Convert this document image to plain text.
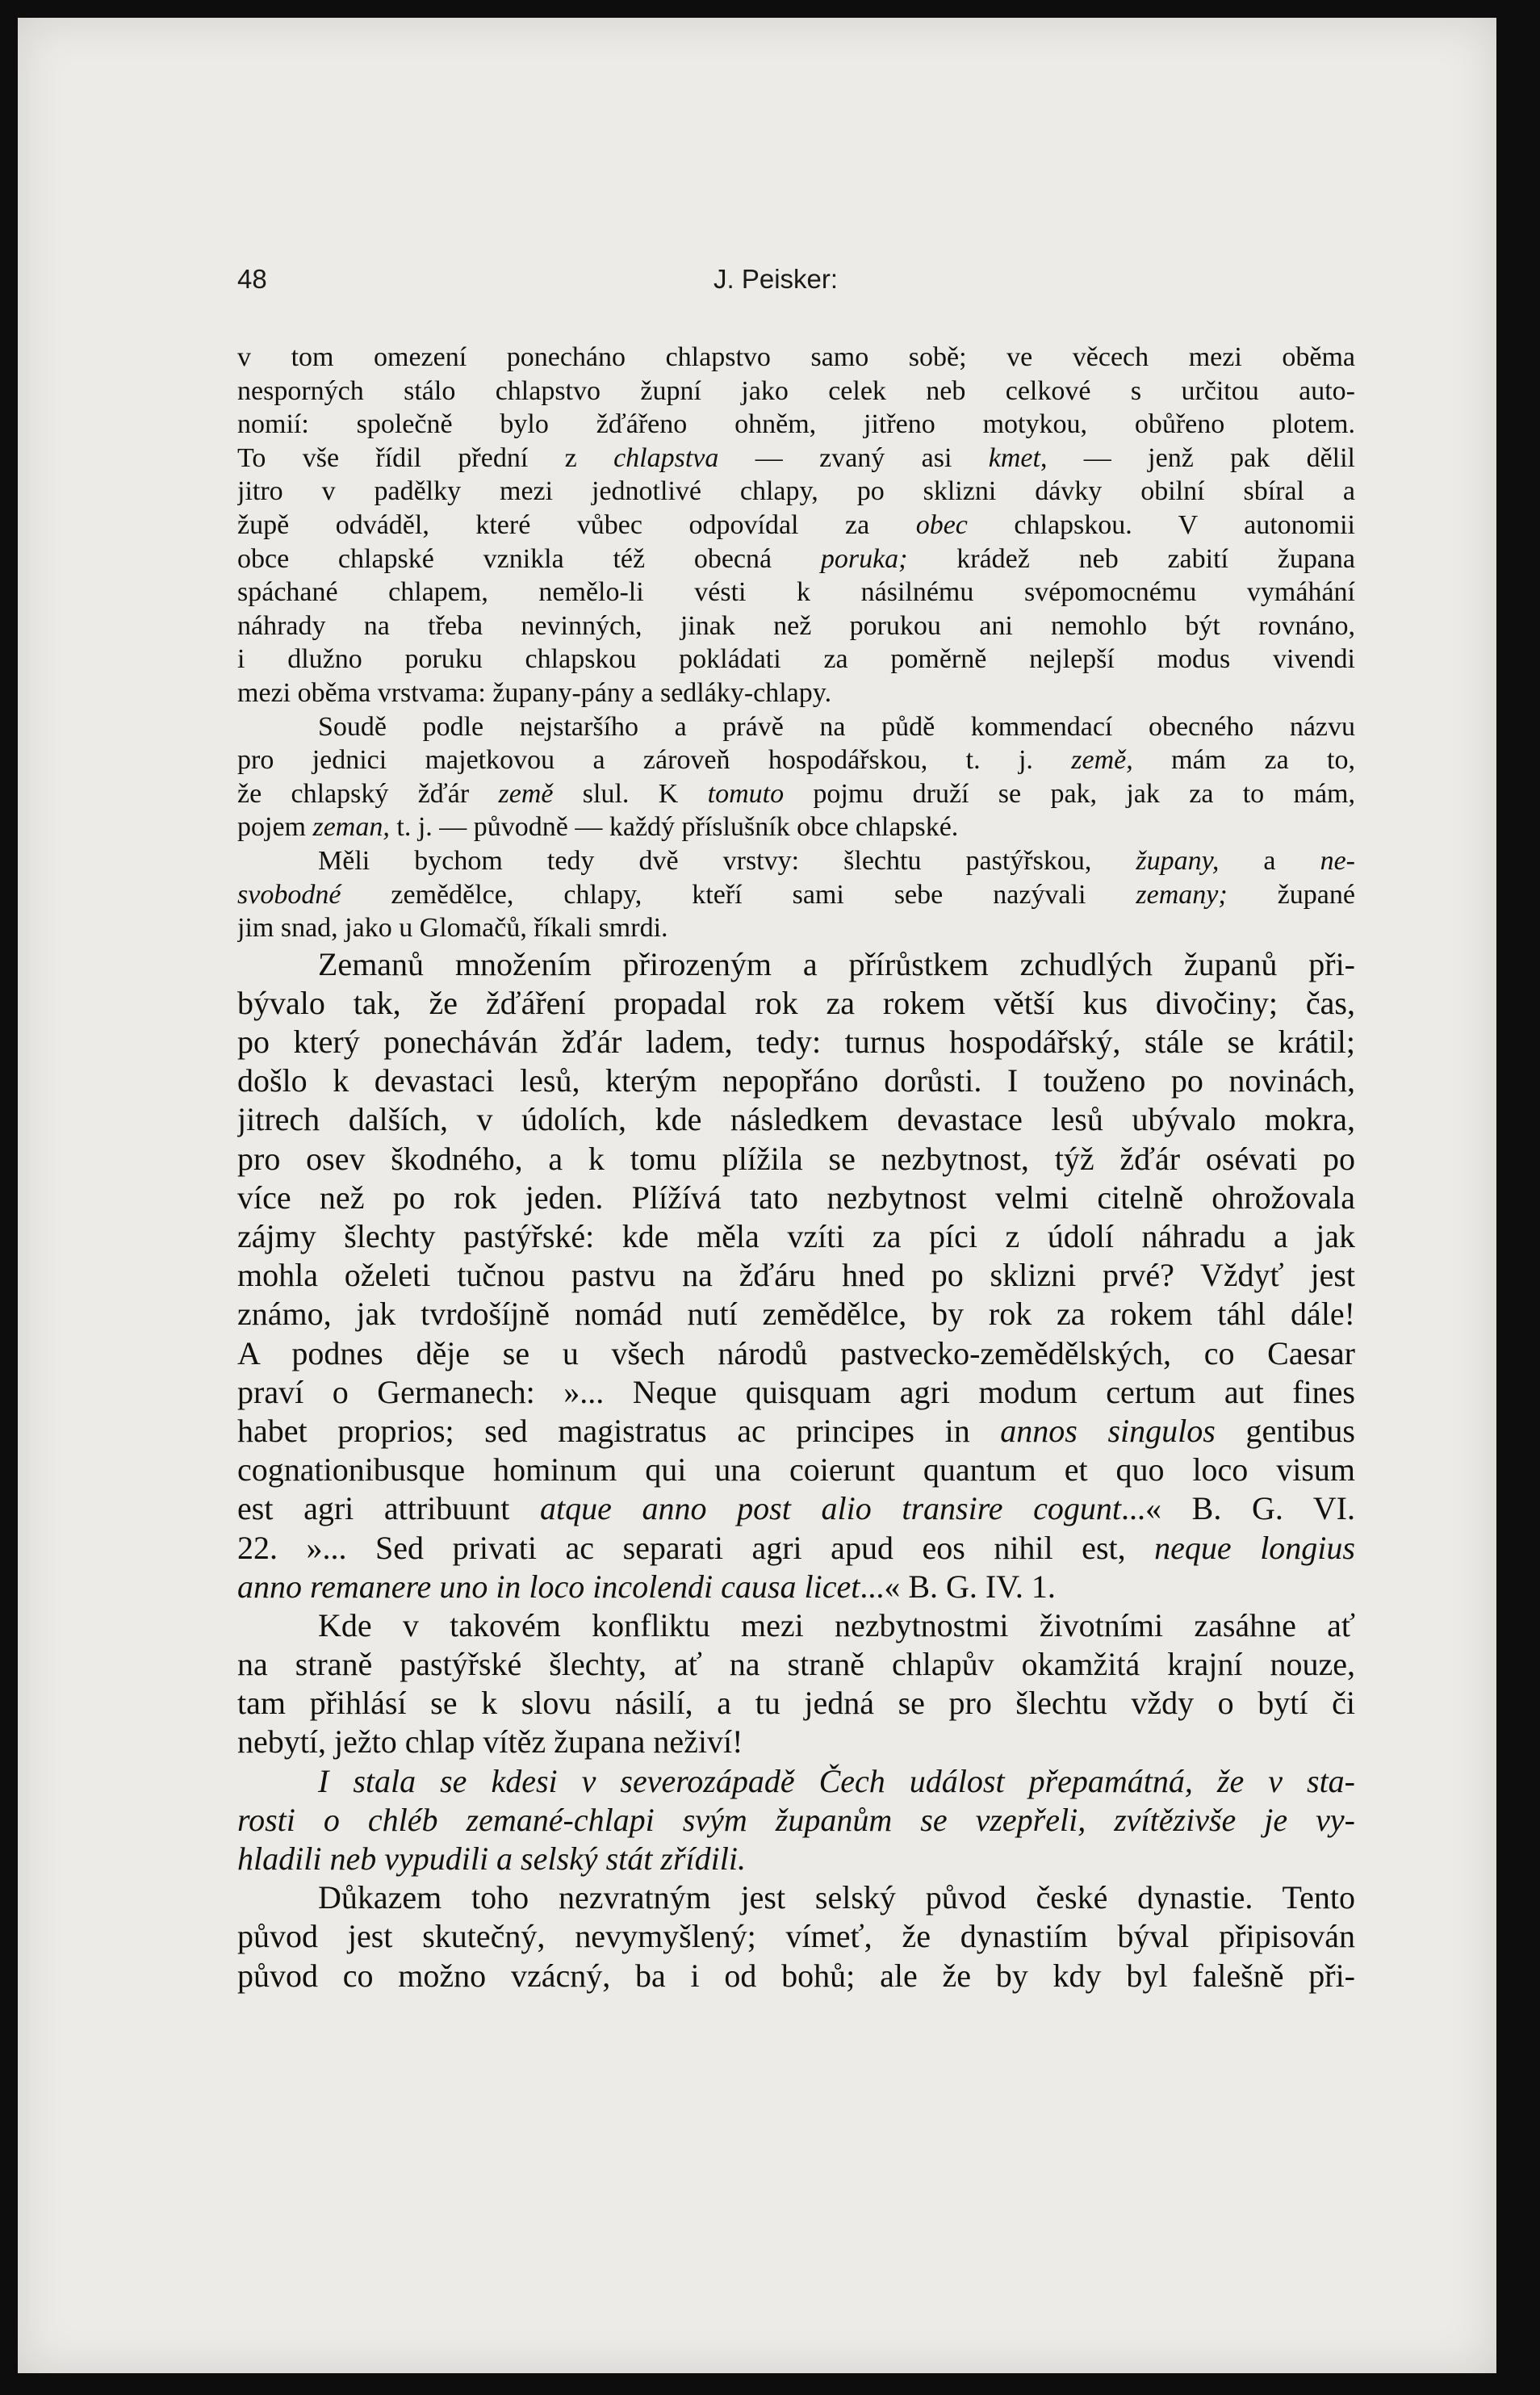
48	J. Peisker:
v tom omezení ponecháno chlapstvo samo sobě; ve věcech mezi oběma
nesporných stálo chlapstvo župní jako celek neb celkové s určitou auto-
nomií: společně bylo žďářeno ohněm, jitřeno motykou, obůřeno plotem.
To vše řídil přední z chlapstva — zvaný asi kmet, — jenž pak dělil
jitro v padělky mezi jednotlivé chlapy, po sklizni dávky obilní sbíral a
župě odváděl, které vůbec odpovídal za obec chlapskou. V autonomii
obce chlapské vznikla též obecná poruka; krádež neb zabití župana
spáchané chlapem, nemělo-li vésti k násilnému svépomocnému vymáhání
náhrady na třeba nevinných, jinak než porukou ani nemohlo být rovnáno,
i dlužno poruku chlapskou pokládati za poměrně nejlepší modus vivendi
mezi oběma vrstvama: župany-pány a sedláky-chlapy.
Soudě podle nejstaršího a právě na půdě kommendací obecného názvu
pro jednici majetkovou a zároveň hospodářskou, t. j. země, mám za to,
že chlapský žďár země slul. K tomuto pojmu druží se pak, jak za to mám,
pojem zeman, t. j. — původně — každý příslušník obce chlapské.
Měli bychom tedy dvě vrstvy: šlechtu pastýřskou, župany, a ne-
svobodné zemědělce, chlapy, kteří sami sebe nazývali zemany; župané
jim snad, jako u Glomačů, říkali smrdi.
Zemanů množením přirozeným a přírůstkem zchudlých županů při-
bývalo tak, že žďáření propadal rok za rokem větší kus divočiny; čas,
po který ponecháván žďár ladem, tedy: turnus hospodářský, stále se krátil;
došlo k devastaci lesů, kterým nepopřáno dorůsti. I touženo po novinách,
jitrech dalších, v údolích, kde následkem devastace lesů ubývalo mokra,
pro osev škodného, a k tomu plížila se nezbytnost, týž žďár osévati po
více než po rok jeden. Plížívá tato nezbytnost velmi citelně ohrožovala
zájmy šlechty pastýřské: kde měla vzíti za píci z údolí náhradu a jak
mohla oželeti tučnou pastvu na žďáru hned po sklizni prvé? Vždyť jest
známo, jak tvrdošíjně nomád nutí zemědělce, by rok za rokem táhl dále!
A podnes děje se u všech národů pastvecko-zemědělských, co Caesar
praví o Germanech: »... Neque quisquam agri modum certum aut fines
habet proprios; sed magistratus ac principes in annos singulos gentibus
cognationibusque hominum qui una coierunt quantum et quo loco visum
est agri attribuunt atque anno post alio transire cogunt...« B. G. VI.
22. »... Sed privati ac separati agri apud eos nihil est, neque longius
anno remanere uno in loco incolendi causa licet...« B. G. IV. 1.
Kde v takovém konfliktu mezi nezbytnostmi životními zasáhne ať
na straně pastýřské šlechty, ať na straně chlapův okamžitá krajní nouze,
tam přihlásí se k slovu násilí, a tu jedná se pro šlechtu vždy o bytí či
nebytí, ježto chlap vítěz župana neživí!
I stala se kdesi v severozápadě Čech událost přepamátná, že v sta-
rosti o chléb zemané-chlapi svým županům se vzepřeli, zvítězivše je vy-
hladili neb vypudili a selský stát zřídili.
Důkazem toho nezvratným jest selský původ české dynastie. Tento
původ jest skutečný, nevymyšlený; vímeť, že dynastiím býval připisován
původ co možno vzácný, ba i od bohů; ale že by kdy byl falešně při-
